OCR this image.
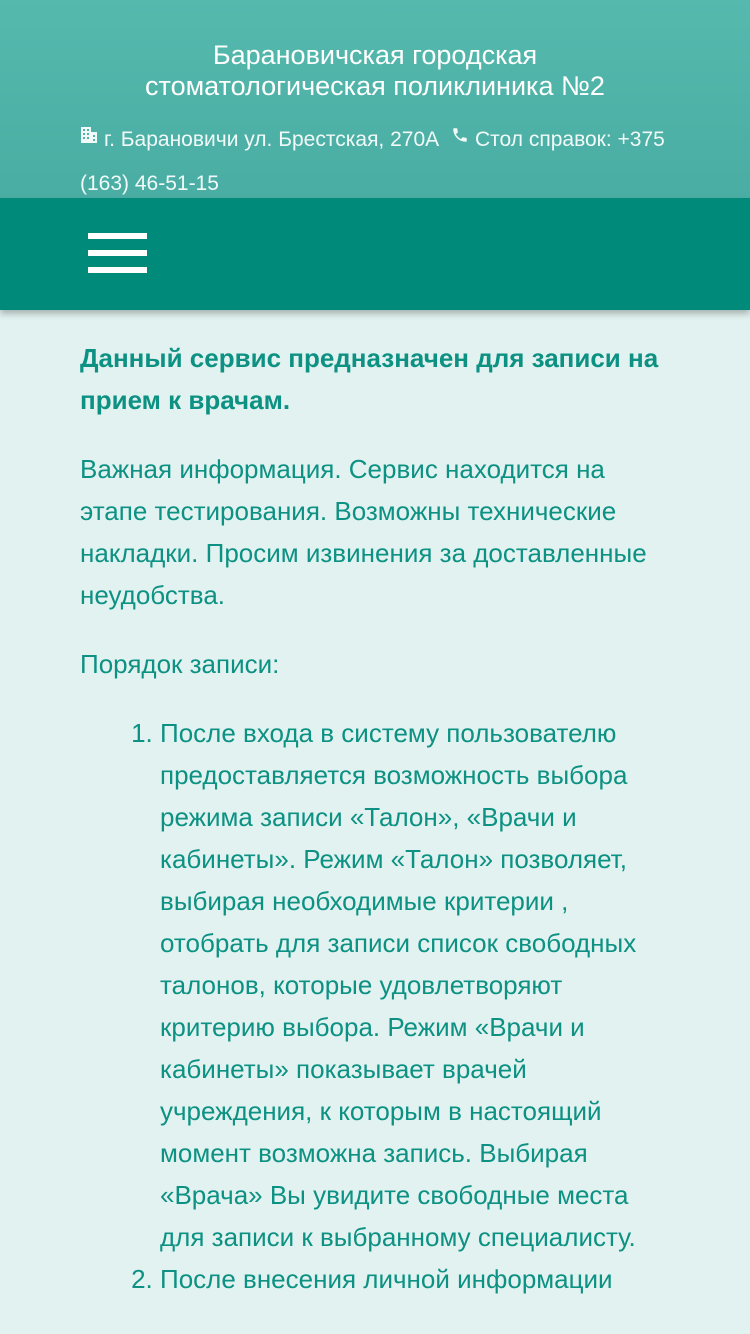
Барановичская городская
стоматологическая поликлиника №2
г. Барановичи ул. Брестская, 270А Стол справок: +375
(163) 46-51-15

Данный сервис предназначен для записи на прием к врачам.

Важная информация. Сервис находится на этапе тестирования. Возможны технические накладки. Просим извинения за доставленные неудобства.

Порядок записи:

1. После входа в систему пользователю предоставляется возможность выбора режима записи «Талон», «Врачи и кабинеты». Режим «Талон» позволяет, выбирая необходимые критерии , отобрать для записи список свободных талонов, которые удовлетворяют критерию выбора. Режим «Врачи и кабинеты» показывает врачей учреждения, к которым в настоящий момент возможна запись. Выбирая «Врача» Вы увидите свободные места для записи к выбранному специалисту.
2. После внесения личной информации
